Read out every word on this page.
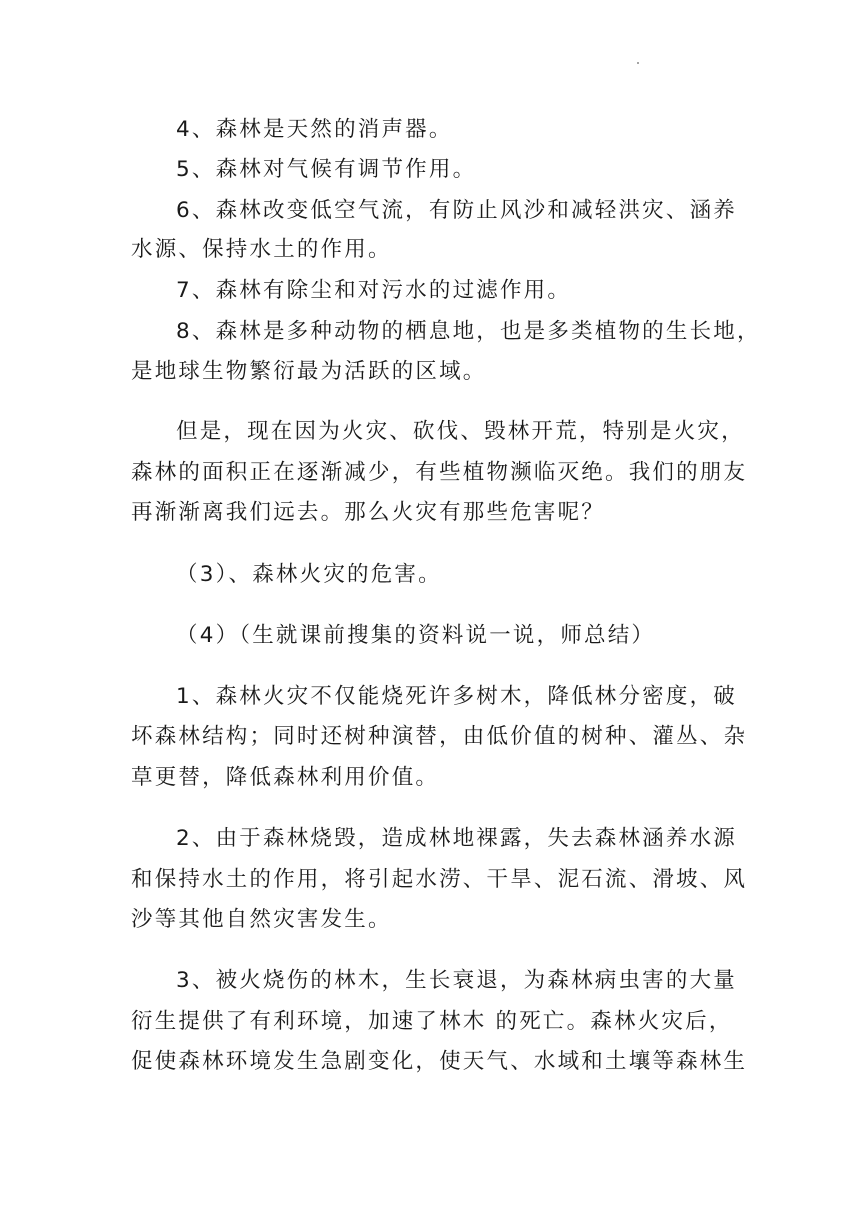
4、森林是天然的消声器。

5、森林对气候有调节作用。

6、森林改变低空气流，有防止风沙和减轻洪灾、涵养

水源、保持水土的作用。

7、森林有除尘和对污水的过滤作用。

8、森林是多种动物的栖息地，也是多类植物的生长地，

是地球生物繁衍最为活跃的区域。

但是，现在因为火灾、砍伐、毁林开荒，特别是火灾，

森林的面积正在逐渐减少，有些植物濒临灭绝。我们的朋友

再渐渐离我们远去。那么火灾有那些危害呢？

（3）、森林火灾的危害。

（4）（生就课前搜集的资料说一说，师总结）

1、森林火灾不仅能烧死许多树木，降低林分密度，破

坏森林结构；同时还树种演替，由低价值的树种、灌丛、杂

草更替，降低森林利用价值。

2、由于森林烧毁，造成林地裸露，失去森林涵养水源

和保持水土的作用，将引起水涝、干旱、泥石流、滑坡、风

沙等其他自然灾害发生。

3、被火烧伤的林木，生长衰退，为森林病虫害的大量

衍生提供了有利环境，加速了林木 的死亡。森林火灾后，

促使森林环境发生急剧变化，使天气、水域和土壤等森林生
